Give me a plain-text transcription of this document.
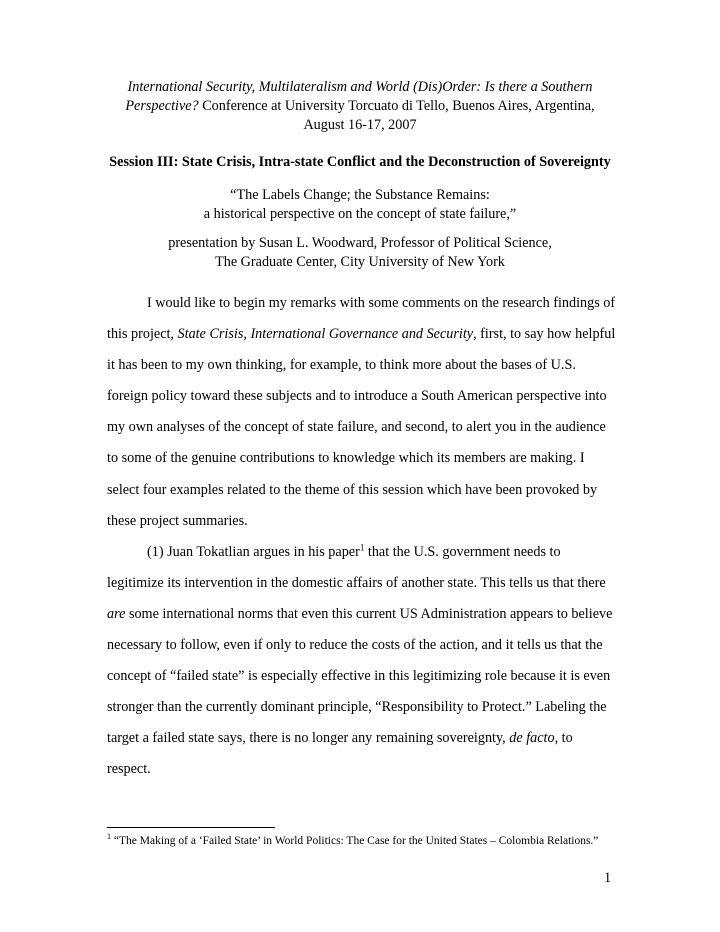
International Security, Multilateralism and World (Dis)Order: Is there a Southern
Perspective? Conference at University Torcuato di Tello, Buenos Aires, Argentina,
August 16-17, 2007
Session III: State Crisis, Intra-state Conflict and the Deconstruction of Sovereignty
“The Labels Change; the Substance Remains:
a historical perspective on the concept of state failure,”
presentation by Susan L. Woodward, Professor of Political Science,
The Graduate Center, City University of New York

I would like to begin my remarks with some comments on the research findings of
this project, State Crisis, International Governance and Security, first, to say how helpful
it has been to my own thinking, for example, to think more about the bases of U.S.
foreign policy toward these subjects and to introduce a South American perspective into
my own analyses of the concept of state failure, and second, to alert you in the audience
to some of the genuine contributions to knowledge which its members are making. I
select four examples related to the theme of this session which have been provoked by
these project summaries.

(1) Juan Tokatlian argues in his paper$^1$ that the U.S. government needs to
legitimize its intervention in the domestic affairs of another state. This tells us that there
are some international norms that even this current US Administration appears to believe
necessary to follow, even if only to reduce the costs of the action, and it tells us that the
concept of “failed state” is especially effective in this legitimizing role because it is even
stronger than the currently dominant principle, “Responsibility to Protect.” Labeling the
target a failed state says, there is no longer any remaining sovereignty, de facto, to
respect.

$^1$ “The Making of a ‘Failed State’ in World Politics: The Case for the United States – Colombia Relations.”
1
